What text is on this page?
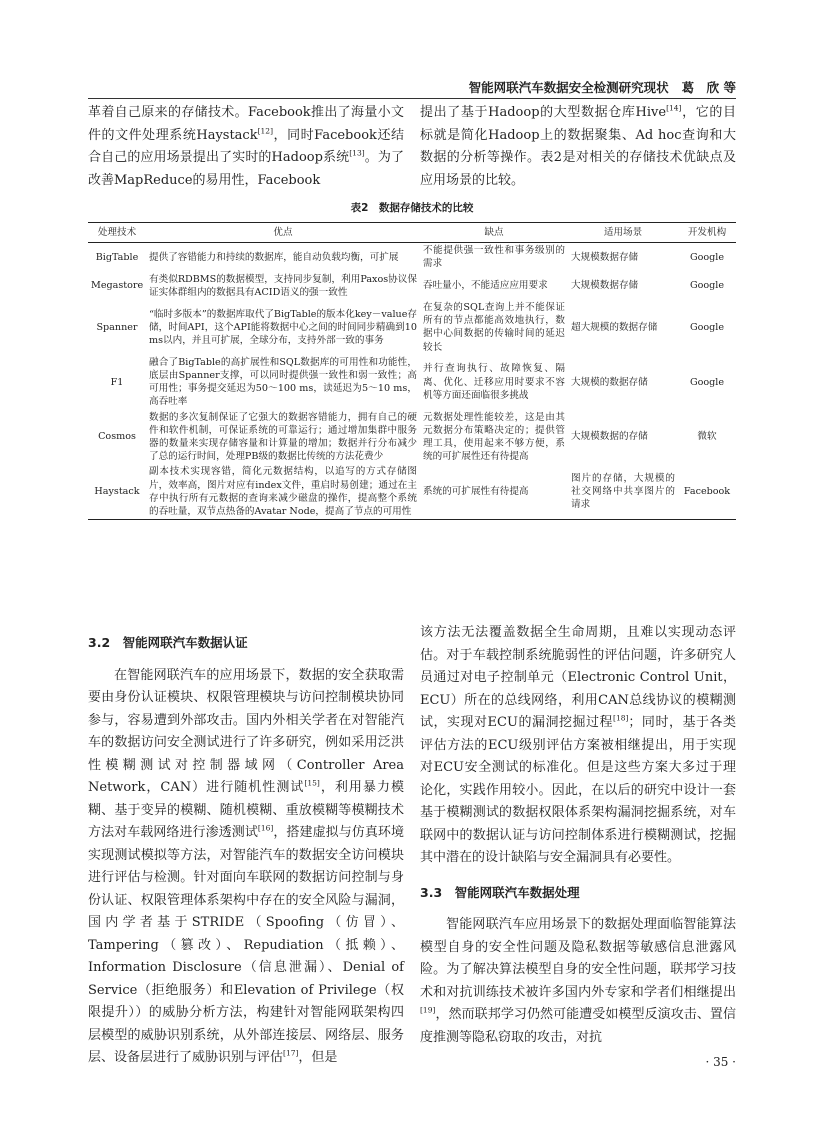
智能网联汽车数据安全检测研究现状 葛　欣 等

革着自己原来的存储技术。Facebook推出了海量小文件的文件处理系统Haystack[12]，同时Facebook还结合自己的应用场景提出了实时的Hadoop系统[13]。为了改善MapReduce的易用性，Facebook

提出了基于Hadoop的大型数据仓库Hive[14]，它的目标就是简化Hadoop上的数据聚集、Ad hoc查询和大数据的分析等操作。表2是对相关的存储技术优缺点及应用场景的比较。

表2　数据存储技术的比较
处理技术	优点	缺点	适用场景	开发机构
BigTable	提供了容错能力和持续的数据库，能自动负载均衡，可扩展	不能提供强一致性和事务级别的需求	大规模数据存储	Google
Megastore	有类似RDBMS的数据模型，支持同步复制，利用Paxos协议保证实体群组内的数据具有ACID语义的强一致性	吞吐量小，不能适应应用要求	大规模数据存储	Google
Spanner	“临时多版本”的数据库取代了BigTable的版本化key－value存储，时间API，这个API能将数据中心之间的时间同步精确到10 ms以内，并且可扩展，全球分布，支持外部一致的事务	在复杂的SQL查询上并不能保证所有的节点都能高效地执行，数据中心间数据的传输时间的延迟较长	超大规模的数据存储	Google
F1	融合了BigTable的高扩展性和SQL数据库的可用性和功能性，底层由Spanner支撑，可以同时提供强一致性和弱一致性；高可用性；事务提交延迟为50～100 ms，读延迟为5～10 ms，高吞吐率	并行查询执行、故障恢复、隔离、优化、迁移应用时要求不容机等方面还面临很多挑战	大规模的数据存储	Google
Cosmos	数据的多次复制保证了它强大的数据容错能力，拥有自己的硬件和软件机制，可保证系统的可靠运行；通过增加集群中服务器的数量来实现存储容量和计算量的增加；数据并行分布减少了总的运行时间，处理PB级的数据比传统的方法花费少	元数据处理性能较差，这是由其元数据分布策略决定的；提供管理工具，使用起来不够方便，系统的可扩展性还有待提高	大规模数据的存储	微软
Haystack	副本技术实现容错，简化元数据结构，以追写的方式存储图片，效率高，图片对应有index文件，重启时易创建；通过在主存中执行所有元数据的查询来减少磁盘的操作，提高整个系统的吞吐量，双节点热备的Avatar Node，提高了节点的可用性	系统的可扩展性有待提高	图片的存储，大规模的社交网络中共享图片的请求	Facebook

3.2　智能网联汽车数据认证

在智能网联汽车的应用场景下，数据的安全获取需要由身份认证模块、权限管理模块与访问控制模块协同参与，容易遭到外部攻击。国内外相关学者在对智能汽车的数据访问安全测试进行了许多研究，例如采用泛洪性模糊测试对控制器域网（Controller Area Network，CAN）进行随机性测试[15]，利用暴力模糊、基于变异的模糊、随机模糊、重放模糊等模糊技术方法对车载网络进行渗透测试[16]，搭建虚拟与仿真环境实现测试模拟等方法，对智能汽车的数据安全访问模块进行评估与检测。针对面向车联网的数据访问控制与身份认证、权限管理体系架构中存在的安全风险与漏洞，国内学者基于STRIDE（Spoofing（仿冒）、Tampering（篡改）、Repudiation（抵赖）、Information Disclosure（信息泄漏）、Denial of Service（拒绝服务）和Elevation of Privilege（权限提升））的威胁分析方法，构建针对智能网联架构四层模型的威胁识别系统，从外部连接层、网络层、服务层、设备层进行了威胁识别与评估[17]，但是

该方法无法覆盖数据全生命周期，且难以实现动态评估。对于车载控制系统脆弱性的评估问题，许多研究人员通过对电子控制单元（Electronic Control Unit，ECU）所在的总线网络，利用CAN总线协议的模糊测试，实现对ECU的漏洞挖掘过程[18]；同时，基于各类评估方法的ECU级别评估方案被相继提出，用于实现对ECU安全测试的标准化。但是这些方案大多过于理论化，实践作用较小。因此，在以后的研究中设计一套基于模糊测试的数据权限体系架构漏洞挖掘系统，对车联网中的数据认证与访问控制体系进行模糊测试，挖掘其中潜在的设计缺陷与安全漏洞具有必要性。

3.3　智能网联汽车数据处理

智能网联汽车应用场景下的数据处理面临智能算法模型自身的安全性问题及隐私数据等敏感信息泄露风险。为了解决算法模型自身的安全性问题，联邦学习技术和对抗训练技术被许多国内外专家和学者们相继提出[19]，然而联邦学习仍然可能遭受如模型反演攻击、置信度推测等隐私窃取的攻击，对抗

· 35 ·
